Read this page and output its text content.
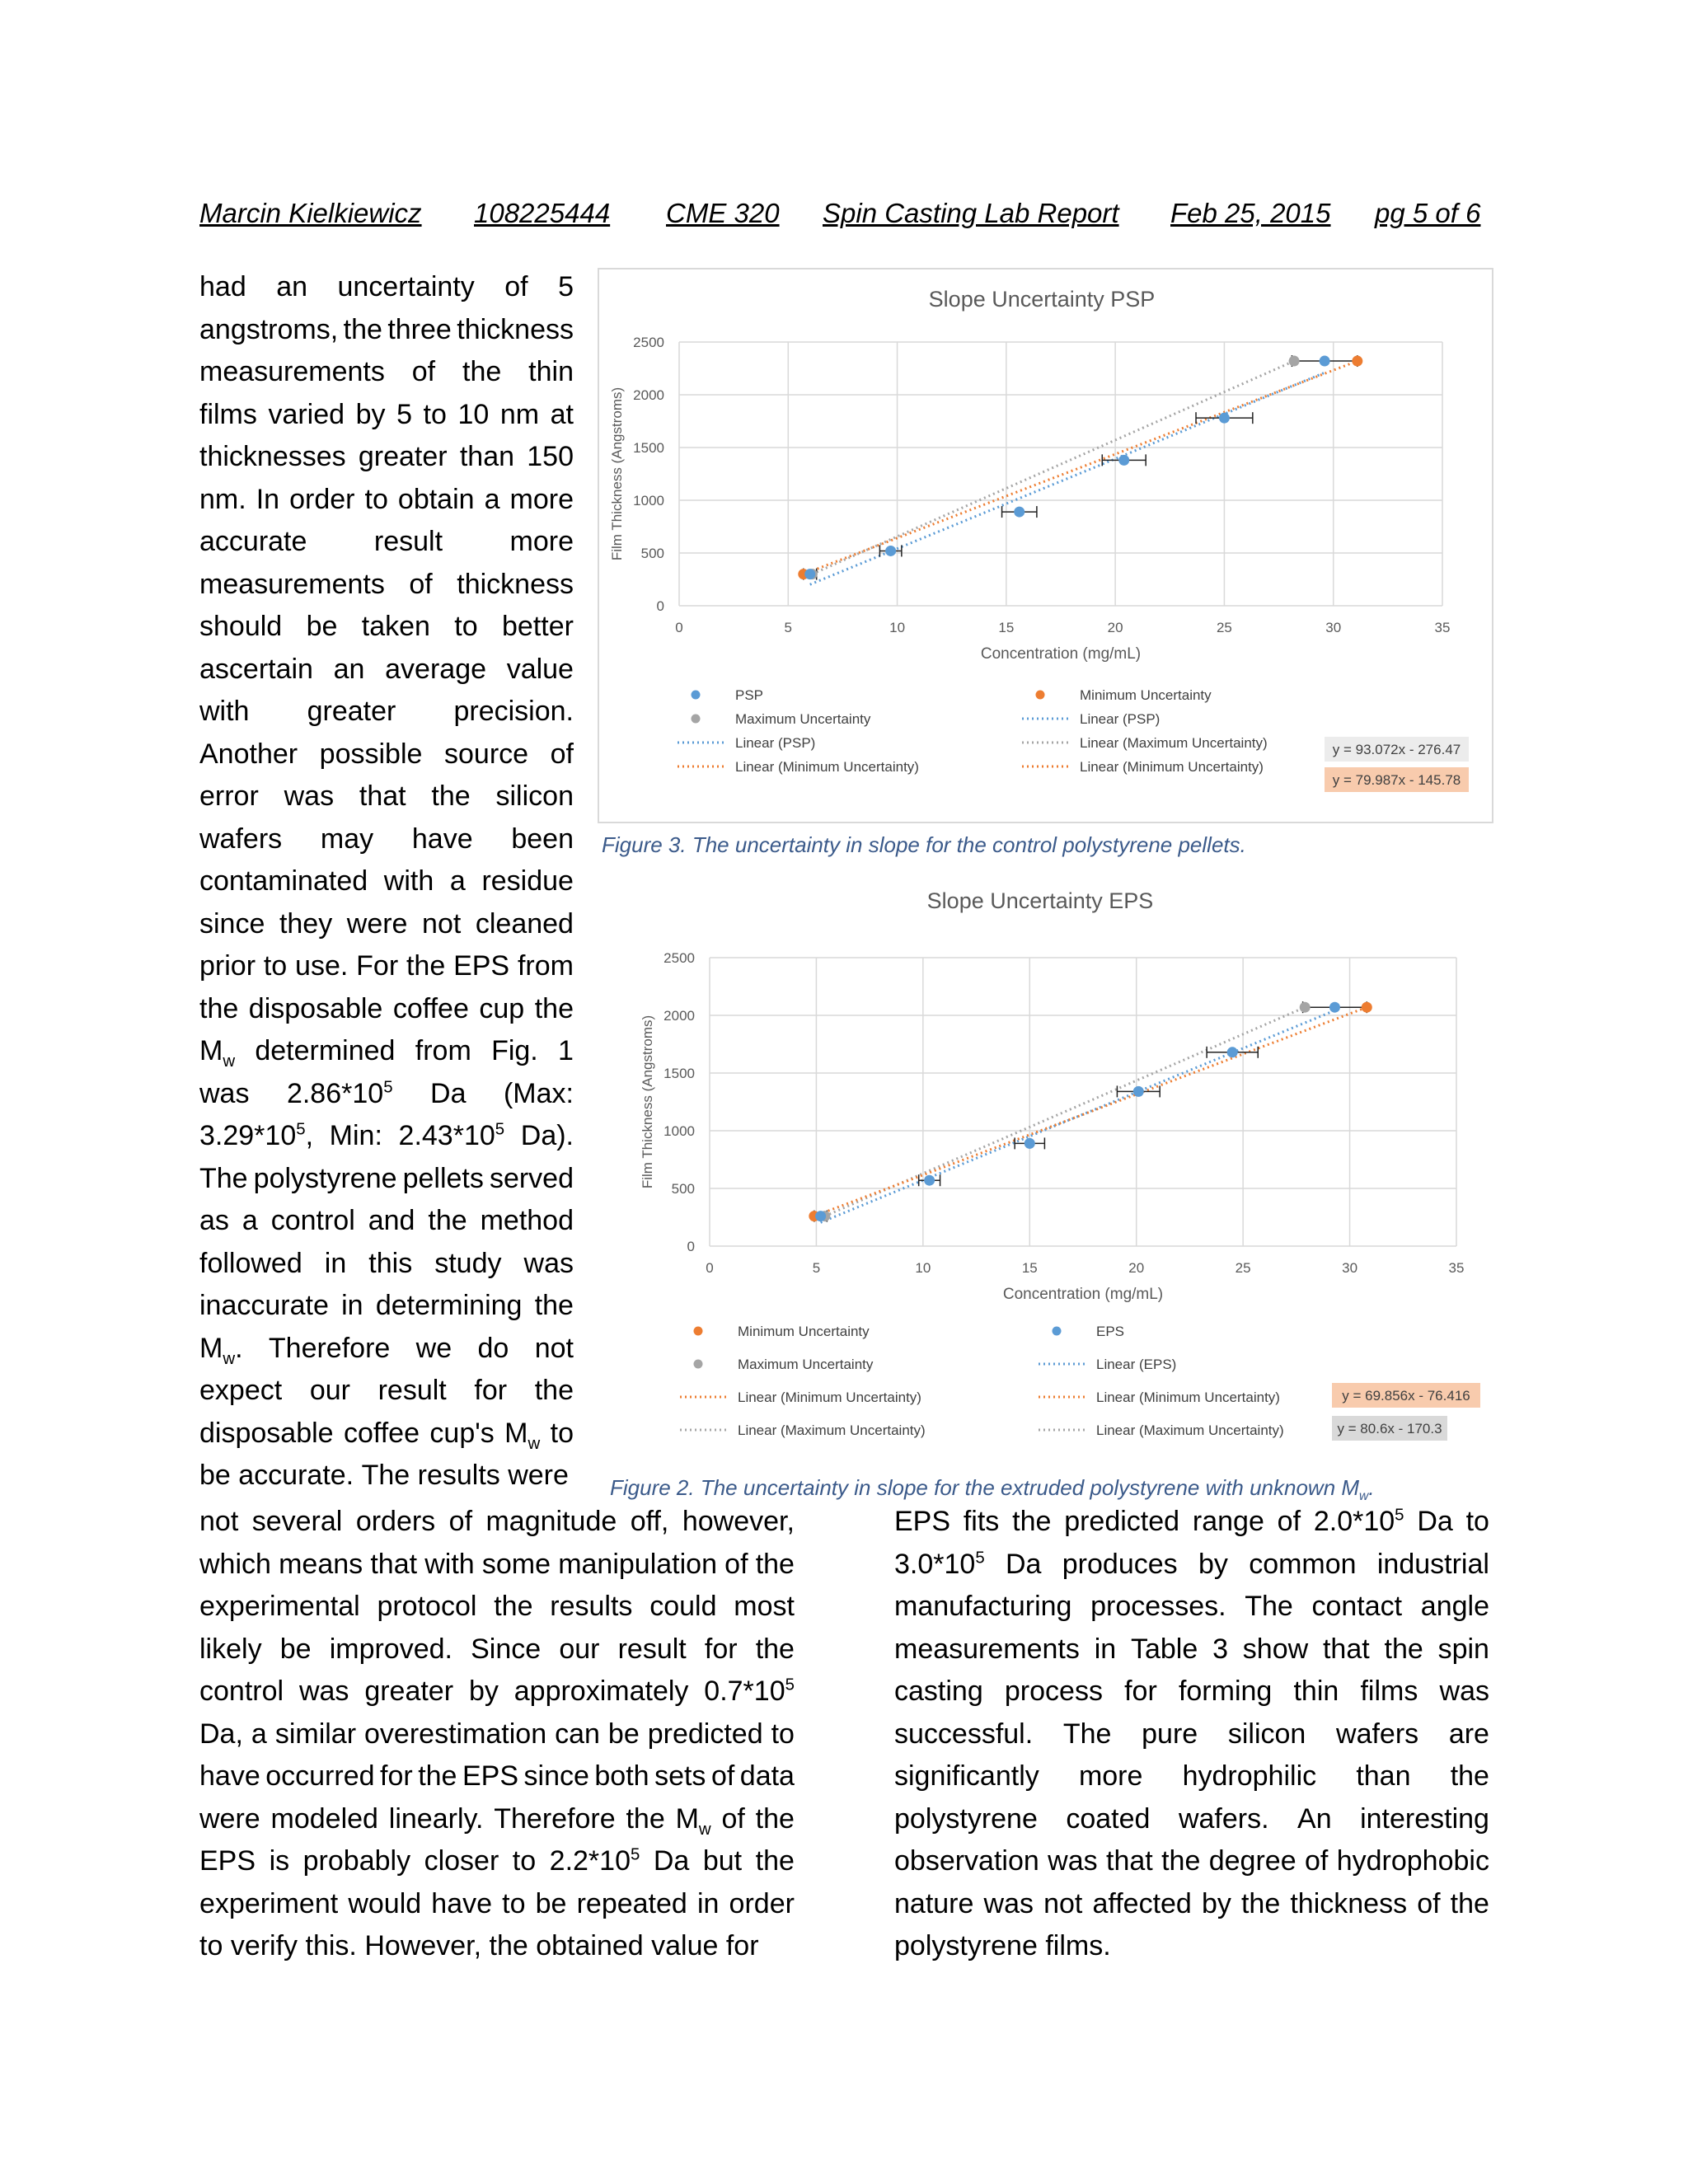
Marcin Kielkiewicz 108225444 CME 320 Spin Casting Lab Report Feb 25, 2015 pg 5 of 6
had an uncertainty of 5
angstroms, the three thickness
measurements of the thin
films varied by 5 to 10 nm at
thicknesses greater than 150
nm. In order to obtain a more
accurate result more
measurements of thickness
should be taken to better
ascertain an average value
with greater precision.
Another possible source of
error was that the silicon
wafers may have been
contaminated with a residue
since they were not cleaned
prior to use. For the EPS from
the disposable coffee cup the
$M_w$ determined from Fig. 1
was $2.86*10^5$ Da (Max:
$3.29*10^5$, Min: $2.43*10^5$ Da).
The polystyrene pellets served
as a control and the method
followed in this study was
inaccurate in determining the
$M_w$. Therefore we do not
expect our result for the
disposable coffee cup's $M_w$ to
be accurate. The results were
Slope Uncertainty PSP
0
500
1000
1500
2000
2500
0	5	10	15	20	25	30	35
Concentration (mg/mL)
Film Thickness (Angstroms)
PSP	Minimum Uncertainty
Maximum Uncertainty	Linear (PSP)
Linear (PSP)	Linear (Maximum Uncertainty)
Linear (Minimum Uncertainty)	Linear (Minimum Uncertainty)
y = 93.072x - 276.47
y = 79.987x - 145.78
Figure 3. The uncertainty in slope for the control polystyrene pellets.
Slope Uncertainty EPS
0
500
1000
1500
2000
2500
0	5	10	15	20	25	30	35
Concentration (mg/mL)
Film Thickness (Angstroms)
Minimum Uncertainty	EPS
Maximum Uncertainty	Linear (EPS)
Linear (Minimum Uncertainty)	Linear (Minimum Uncertainty)
Linear (Maximum Uncertainty)	Linear (Maximum Uncertainty)
y = 69.856x - 76.416
y = 80.6x - 170.3
Figure 2. The uncertainty in slope for the extruded polystyrene with unknown $M_w$.
not several orders of magnitude off, however,
which means that with some manipulation of the
experimental protocol the results could most
likely be improved. Since our result for the
control was greater by approximately $0.7*10^5$
Da, a similar overestimation can be predicted to
have occurred for the EPS since both sets of data
were modeled linearly. Therefore the $M_w$ of the
EPS is probably closer to $2.2*10^5$ Da but the
experiment would have to be repeated in order
to verify this. However, the obtained value for
EPS fits the predicted range of $2.0*10^5$ Da to
$3.0*10^5$ Da produces by common industrial
manufacturing processes. The contact angle
measurements in Table 3 show that the spin
casting process for forming thin films was
successful. The pure silicon wafers are
significantly more hydrophilic than the
polystyrene coated wafers. An interesting
observation was that the degree of hydrophobic
nature was not affected by the thickness of the
polystyrene films.
